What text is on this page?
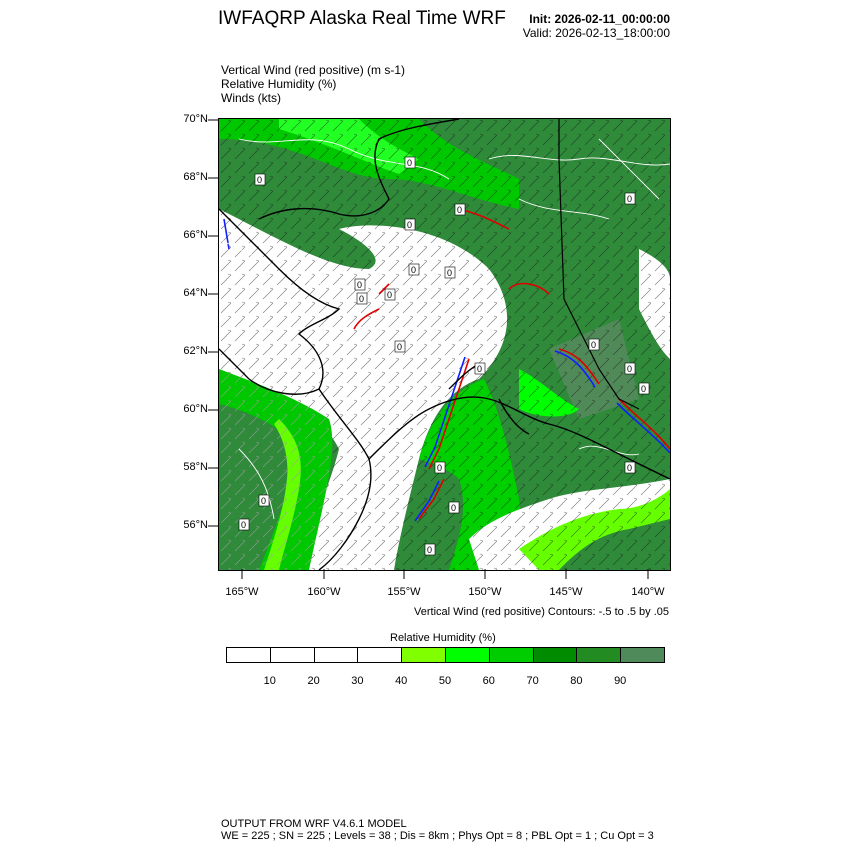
IWFAQRP Alaska Real Time WRF Init: 2026-02-11_00:00:00
Valid: 2026-02-13_18:00:00
Vertical Wind (red positive) (m s-1)
Relative Humidity (%)
Winds (kts)
0
0
0
0
0
0
0
0
0
0
0
0
0
0
0
0
0
0
0
0
0
70°N
68°N
66°N
64°N
62°N
60°N
58°N
56°N
165°W	160°W	155°W	150°W	145°W	140°W
Vertical Wind (red positive) Contours: -.5 to .5 by .05
Relative Humidity (%)
10	20	30	40	50	60	70	80	90
OUTPUT FROM WRF V4.6.1 MODEL
WE = 225 ; SN = 225 ; Levels = 38 ; Dis = 8km ; Phys Opt = 8 ; PBL Opt = 1 ; Cu Opt = 3
